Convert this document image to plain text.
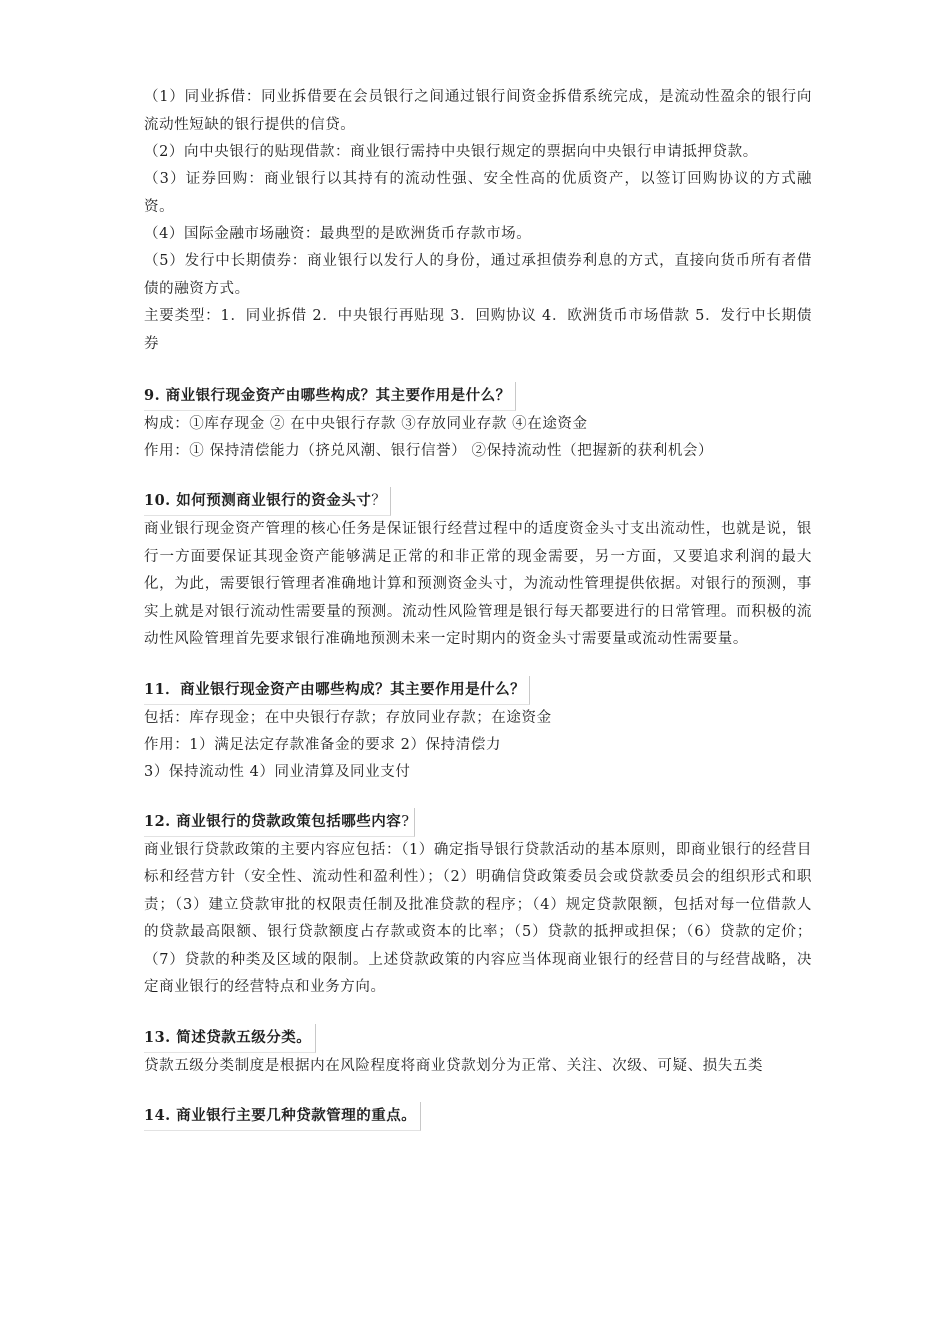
（1）同业拆借：同业拆借要在会员银行之间通过银行间资金拆借系统完成，是流动性盈余的银行向流动性短缺的银行提供的信贷。
（2）向中央银行的贴现借款：商业银行需持中央银行规定的票据向中央银行申请抵押贷款。
（3）证券回购：商业银行以其持有的流动性强、安全性高的优质资产，以签订回购协议的方式融资。
（4）国际金融市场融资：最典型的是欧洲货币存款市场。
（5）发行中长期债券：商业银行以发行人的身份，通过承担债券利息的方式，直接向货币所有者借债的融资方式。
主要类型：1．同业拆借 2．中央银行再贴现 3．回购协议 4．欧洲货币市场借款 5．发行中长期债券
9. 商业银行现金资产由哪些构成？其主要作用是什么？
构成：①库存现金 ② 在中央银行存款 ③存放同业存款 ④在途资金
作用：① 保持清偿能力（挤兑风潮、银行信誉） ②保持流动性（把握新的获利机会）
10. 如何预测商业银行的资金头寸？
商业银行现金资产管理的核心任务是保证银行经营过程中的适度资金头寸支出流动性，也就是说，银行一方面要保证其现金资产能够满足正常的和非正常的现金需要，另一方面，又要追求利润的最大化，为此，需要银行管理者准确地计算和预测资金头寸，为流动性管理提供依据。对银行的预测，事实上就是对银行流动性需要量的预测。流动性风险管理是银行每天都要进行的日常管理。而积极的流动性风险管理首先要求银行准确地预测未来一定时期内的资金头寸需要量或流动性需要量。
11．商业银行现金资产由哪些构成？其主要作用是什么？
包括：库存现金；在中央银行存款；存放同业存款；在途资金
作用：1）满足法定存款准备金的要求 2）保持清偿力
3）保持流动性 4）同业清算及同业支付
12. 商业银行的贷款政策包括哪些内容?
商业银行贷款政策的主要内容应包括：（1）确定指导银行贷款活动的基本原则，即商业银行的经营目标和经营方针（安全性、流动性和盈利性）；（2）明确信贷政策委员会或贷款委员会的组织形式和职责；（3）建立贷款审批的权限责任制及批准贷款的程序；（4）规定贷款限额，包括对每一位借款人的贷款最高限额、银行贷款额度占存款或资本的比率；（5）贷款的抵押或担保；（6）贷款的定价；（7）贷款的种类及区域的限制。上述贷款政策的内容应当体现商业银行的经营目的与经营战略，决定商业银行的经营特点和业务方向。
13. 简述贷款五级分类。
贷款五级分类制度是根据内在风险程度将商业贷款划分为正常、关注、次级、可疑、损失五类
14. 商业银行主要几种贷款管理的重点。
